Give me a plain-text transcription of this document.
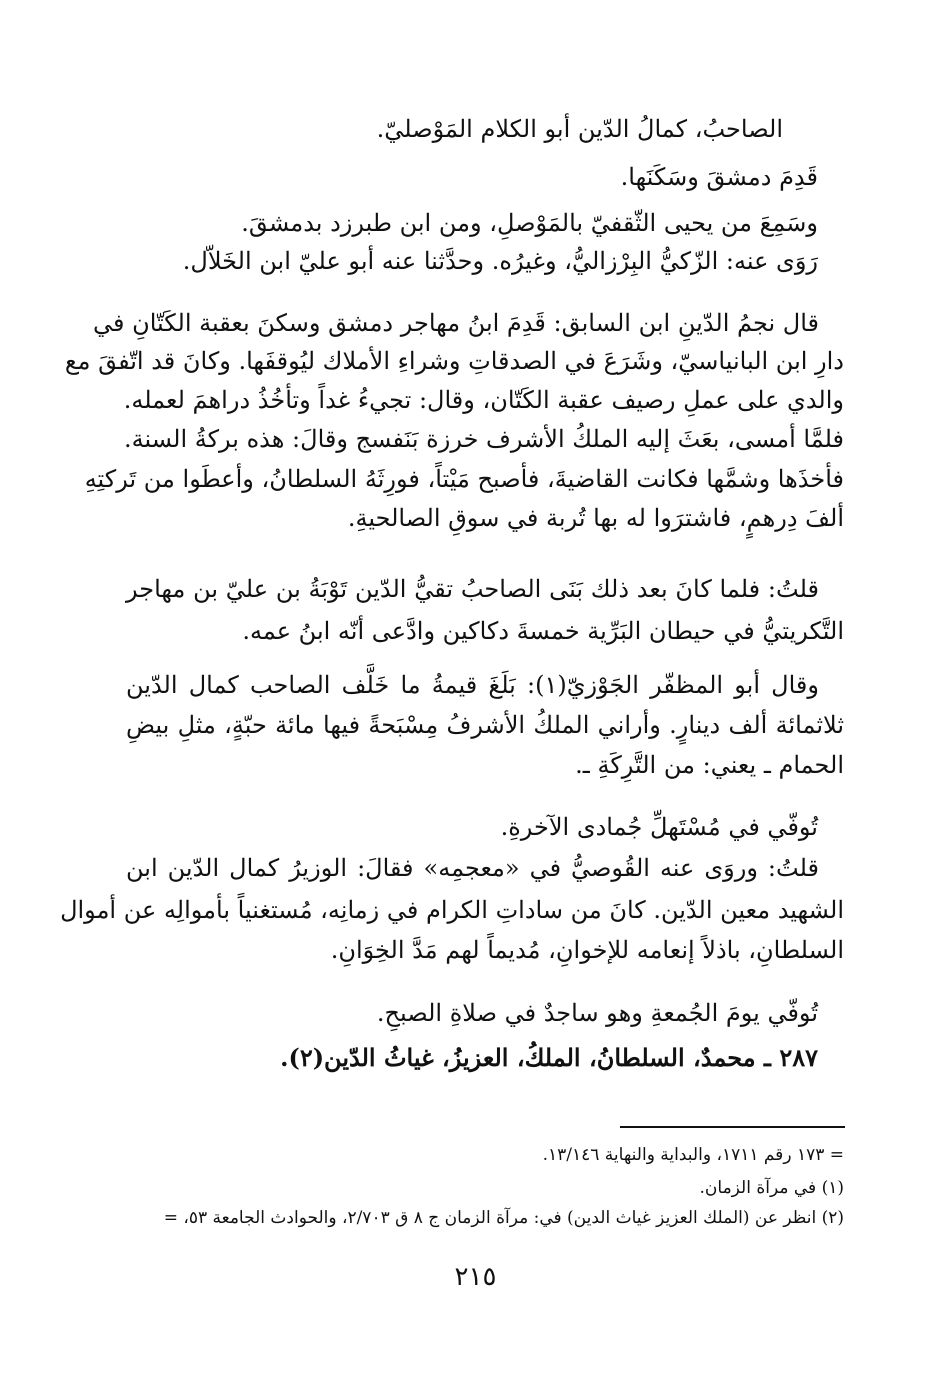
الصاحبُ، كمالُ الدّين أبو الكلام المَوْصليّ.
قَدِمَ دمشقَ وسَكَنَها.
وسَمِعَ من يحيى الثّقفيّ بالمَوْصلِ، ومن ابن طبرزد بدمشقَ.
رَوَى عنه: الزّكيُّ البِرْزاليُّ، وغيرُه. وحدَّثنا عنه أبو عليّ ابن الخَلاّل.
قال نجمُ الدّينِ ابن السابق: قَدِمَ ابنُ مهاجر دمشق وسكنَ بعقبة الكَتّانِ في
دارِ ابن البانياسيّ، وشَرَعَ في الصدقاتِ وشراءِ الأملاك ليُوقفَها. وكانَ قد اتّفقَ مع
والدي على عملِ رصيف عقبة الكَتّان، وقال: تجيءُ غداً وتأخُذُ دراهمَ لعمله.
فلمَّا أمسى، بعَثَ إليه الملكُ الأشرف خرزة بَنَفسج وقالَ: هذه بركةُ السنة.
فأخذَها وشمَّها فكانت القاضيةَ، فأصبح مَيْتاً، فورِثَهُ السلطانُ، وأعطَوا من تَركتِهِ
ألفَ دِرهمٍ، فاشترَوا له بها تُربة في سوقِ الصالحيةِ.
قلتُ: فلما كانَ بعد ذلك بَنَى الصاحبُ تقيُّ الدّين تَوْبَةُ بن عليّ بن مهاجر
التَّكريتيُّ في حيطان البَرِّية خمسةَ دكاكين وادَّعى أنّه ابنُ عمه.
وقال أبو المظفّر الجَوْزيّ(١): بَلَغَ قيمةُ ما خَلَّف الصاحب كمال الدّين
ثلاثمائة ألف دينارٍ. وأراني الملكُ الأشرفُ مِسْبَحةً فيها مائة حبّةٍ، مثلِ بيضِ
الحمام ـ يعني: من التَّرِكَةِ ـ.
تُوفّي في مُسْتَهلِّ جُمادى الآخرةِ.
قلتُ: وروَى عنه القُوصيُّ في «معجمِه» فقالَ: الوزيرُ كمال الدّين ابن
الشهيد معين الدّين. كانَ من ساداتِ الكرام في زمانِه، مُستغنياً بأموالِه عن أموال
السلطانِ، باذلاً إنعامه للإخوانِ، مُديماً لهم مَدَّ الخِوَانِ.
تُوفّي يومَ الجُمعةِ وهو ساجدٌ في صلاةِ الصبحِ.
٢٨٧ ـ محمدٌ، السلطانُ، الملكُ، العزيزُ، غياثُ الدّين(٢).
= ١٧٣ رقم ١٧١١، والبداية والنهاية ١٣/١٤٦.
(١) في مرآة الزمان.
(٢) انظر عن (الملك العزيز غياث الدين) في: مرآة الزمان ج ٨ ق ٢/٧٠٣، والحوادث الجامعة ٥٣، =
٢١٥
